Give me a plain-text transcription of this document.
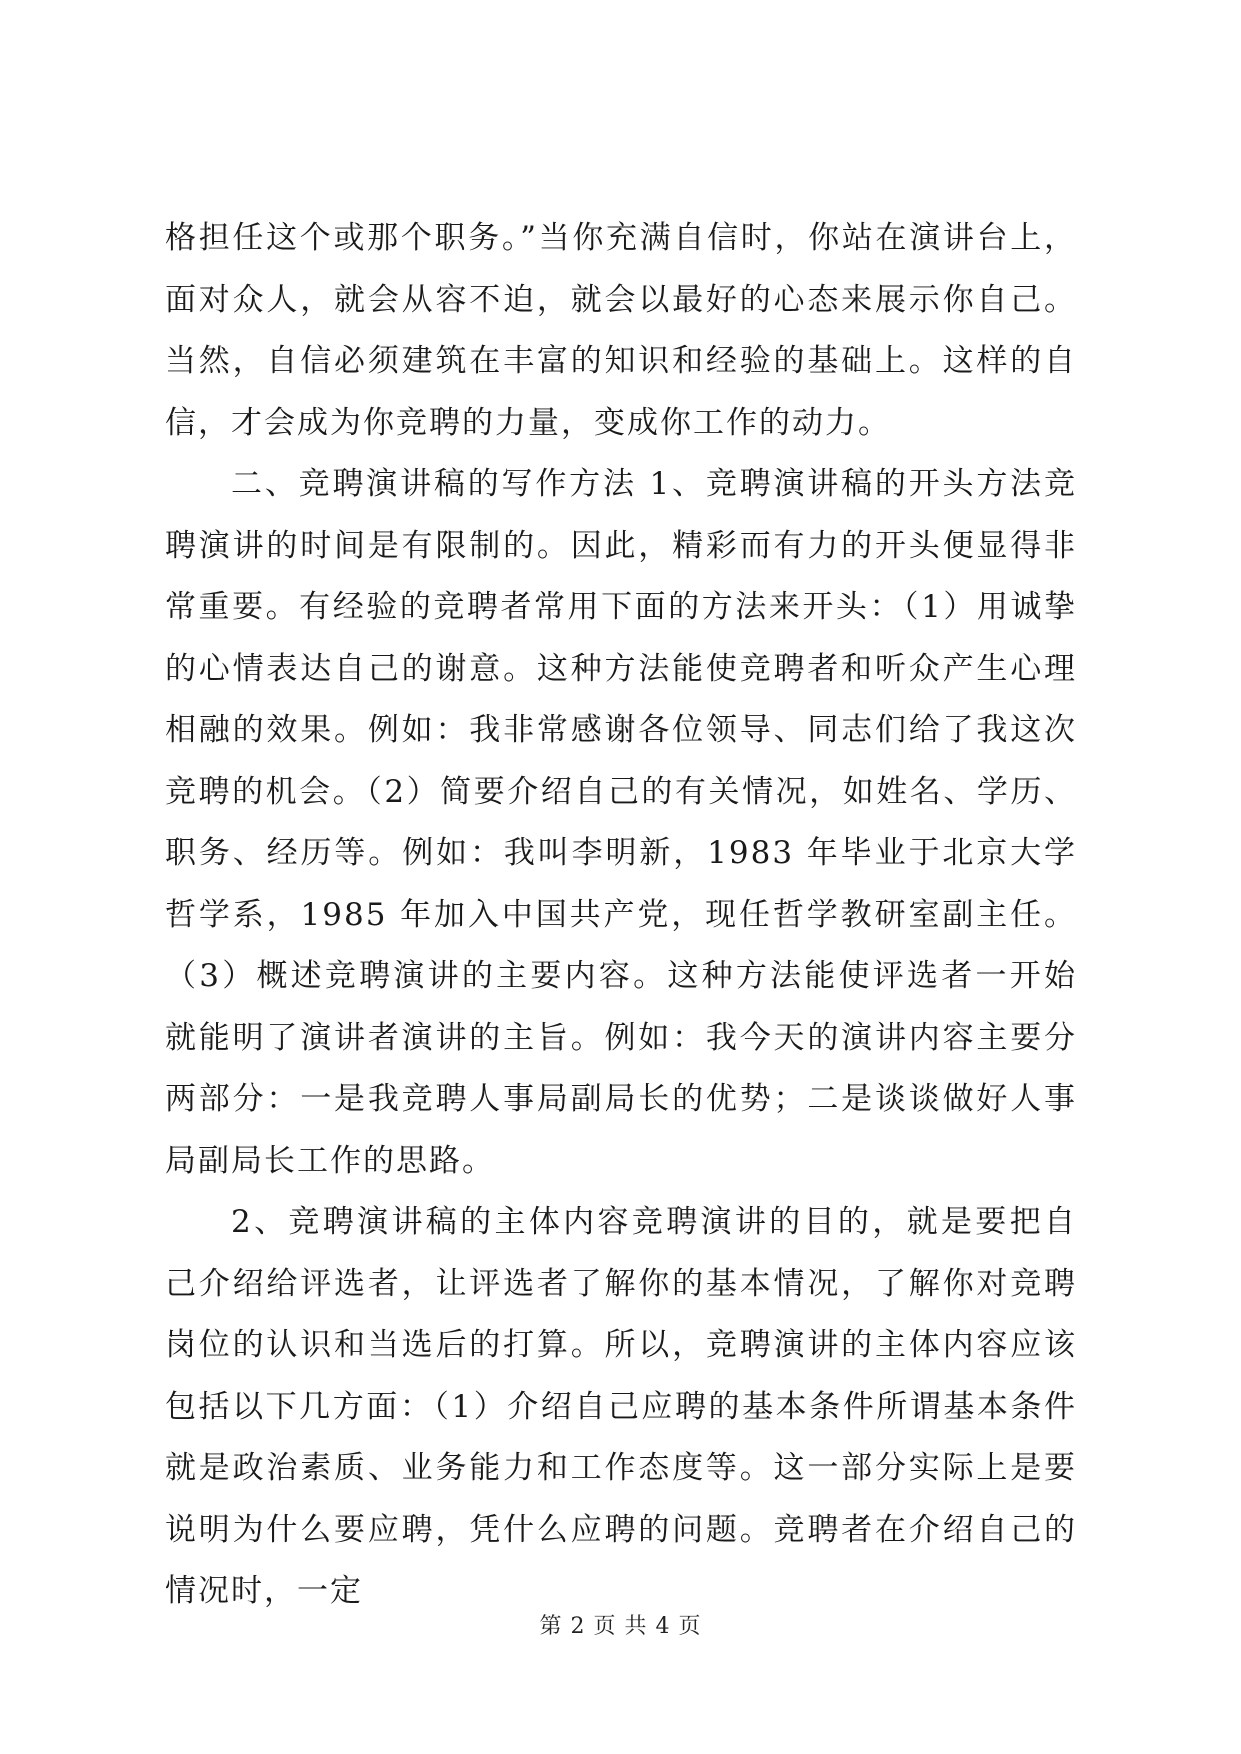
格担任这个或那个职务。”当你充满自信时，你站在演讲台上，面对众人，就会从容不迫，就会以最好的心态来展示你自己。当然，自信必须建筑在丰富的知识和经验的基础上。这样的自信，才会成为你竞聘的力量，变成你工作的动力。

二、竞聘演讲稿的写作方法 1、竞聘演讲稿的开头方法竞聘演讲的时间是有限制的。因此，精彩而有力的开头便显得非常重要。有经验的竞聘者常用下面的方法来开头：（1）用诚挚的心情表达自己的谢意。这种方法能使竞聘者和听众产生心理相融的效果。例如：我非常感谢各位领导、同志们给了我这次竞聘的机会。（2）简要介绍自己的有关情况，如姓名、学历、职务、经历等。例如：我叫李明新，1983 年毕业于北京大学哲学系，1985 年加入中国共产党，现任哲学教研室副主任。（3）概述竞聘演讲的主要内容。这种方法能使评选者一开始就能明了演讲者演讲的主旨。例如：我今天的演讲内容主要分两部分：一是我竞聘人事局副局长的优势；二是谈谈做好人事局副局长工作的思路。

2、竞聘演讲稿的主体内容竞聘演讲的目的，就是要把自己介绍给评选者，让评选者了解你的基本情况，了解你对竞聘岗位的认识和当选后的打算。所以，竞聘演讲的主体内容应该包括以下几方面：（1）介绍自己应聘的基本条件所谓基本条件就是政治素质、业务能力和工作态度等。这一部分实际上是要说明为什么要应聘，凭什么应聘的问题。竞聘者在介绍自己的情况时，一定

第 2 页 共 4 页
